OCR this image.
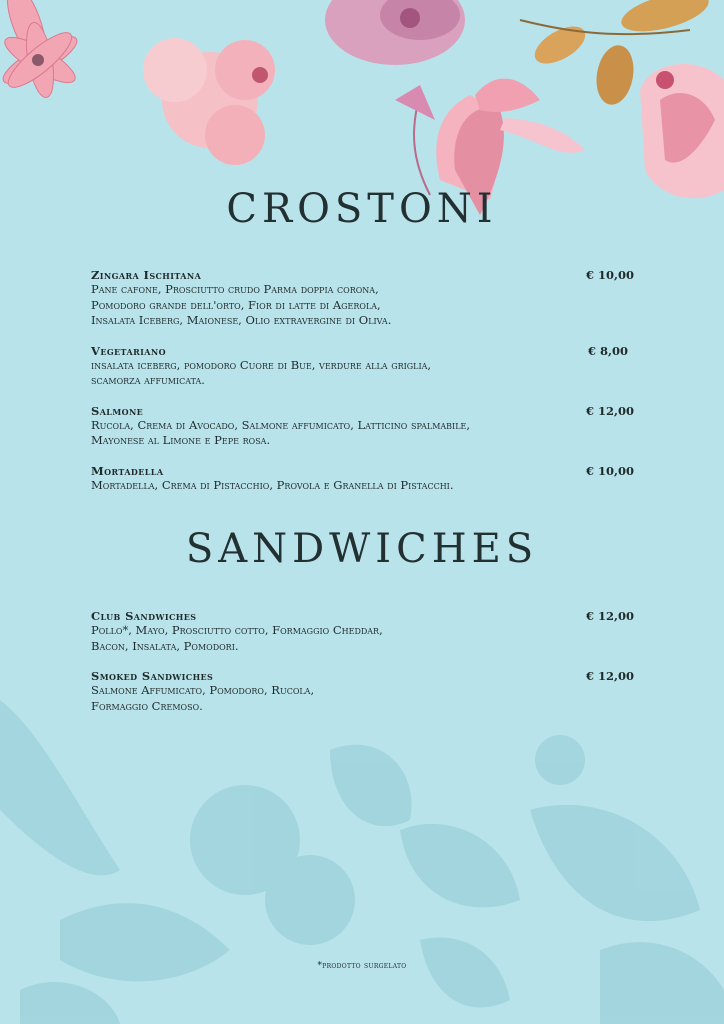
CROSTONI
Zingara Ischitana	€ 10,00
Pane cafone, Prosciutto crudo Parma doppia corona,
Pomodoro grande dell'orto, Fior di latte di Agerola,
Insalata Iceberg, Maionese, Olio extravergine di Oliva.
Vegetariano	€ 8,00
insalata iceberg, pomodoro Cuore di Bue, verdure alla griglia,
scamorza affumicata.
Salmone	€ 12,00
Rucola, Crema di Avocado, Salmone affumicato, Latticino spalmabile,
Mayonese al Limone e Pepe rosa.
Mortadella	€ 10,00
Mortadella, Crema di Pistacchio, Provola e Granella di Pistacchi.
SANDWICHES
Club Sandwiches	€ 12,00
Pollo*, Mayo, Prosciutto cotto, Formaggio Cheddar,
Bacon, Insalata, Pomodori.
Smoked Sandwiches	€ 12,00
Salmone Affumicato, Pomodoro, Rucola,
Formaggio Cremoso.
*prodotto surgelato
